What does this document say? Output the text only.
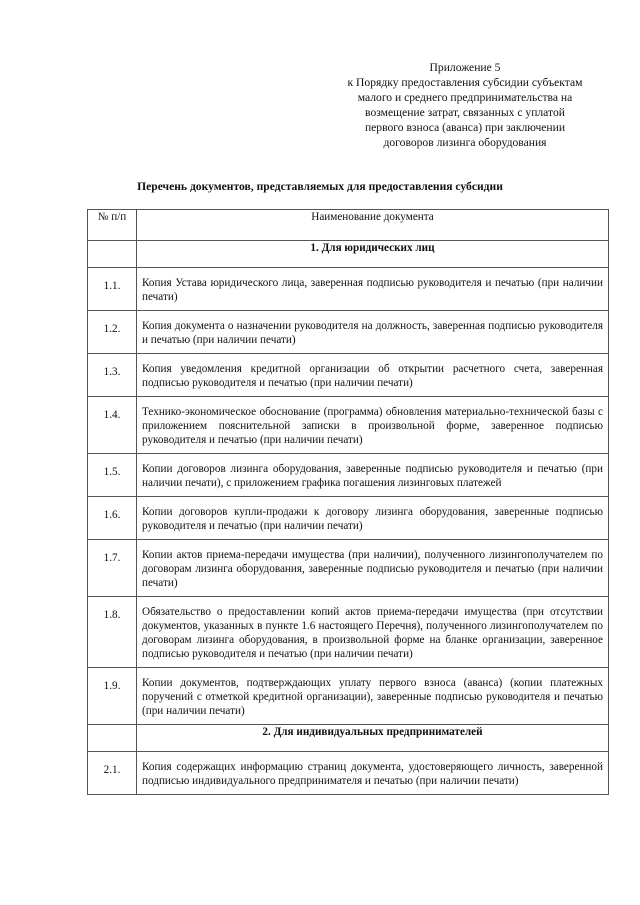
Приложение 5
к Порядку предоставления субсидии субъектам
малого и среднего предпринимательства на
возмещение затрат, связанных с уплатой
первого взноса (аванса) при заключении
договоров лизинга оборудования
Перечень документов, представляемых для предоставления субсидии
№ п/п	Наименование документа
	1. Для юридических лиц
1.1.	Копия Устава юридического лица, заверенная подписью руководителя и печатью (при наличии печати)
1.2.	Копия документа о назначении руководителя на должность, заверенная подписью руководителя и печатью (при наличии печати)
1.3.	Копия уведомления кредитной организации об открытии расчетного счета, заверенная подписью руководителя и печатью (при наличии печати)
1.4.	Технико-экономическое обоснование (программа) обновления материально-технической базы с приложением пояснительной записки в произвольной форме, заверенное подписью руководителя и печатью (при наличии печати)
1.5.	Копии договоров лизинга оборудования, заверенные подписью руководителя и печатью (при наличии печати), с приложением графика погашения лизинговых платежей
1.6.	Копии договоров купли-продажи к договору лизинга оборудования, заверенные подписью руководителя и печатью (при наличии печати)
1.7.	Копии актов приема-передачи имущества (при наличии), полученного лизингополучателем по договорам лизинга оборудования, заверенные подписью руководителя и печатью (при наличии печати)
1.8.	Обязательство о предоставлении копий актов приема-передачи имущества (при отсутствии документов, указанных в пункте 1.6 настоящего Перечня), полученного лизингополучателем по договорам лизинга оборудования, в произвольной форме на бланке организации, заверенное подписью руководителя и печатью (при наличии печати)
1.9.	Копии документов, подтверждающих уплату первого взноса (аванса) (копии платежных поручений с отметкой кредитной организации), заверенные подписью руководителя и печатью (при наличии печати)
	2. Для индивидуальных предпринимателей
2.1.	Копия содержащих информацию страниц документа, удостоверяющего личность, заверенной подписью индивидуального предпринимателя и печатью (при наличии печати)
